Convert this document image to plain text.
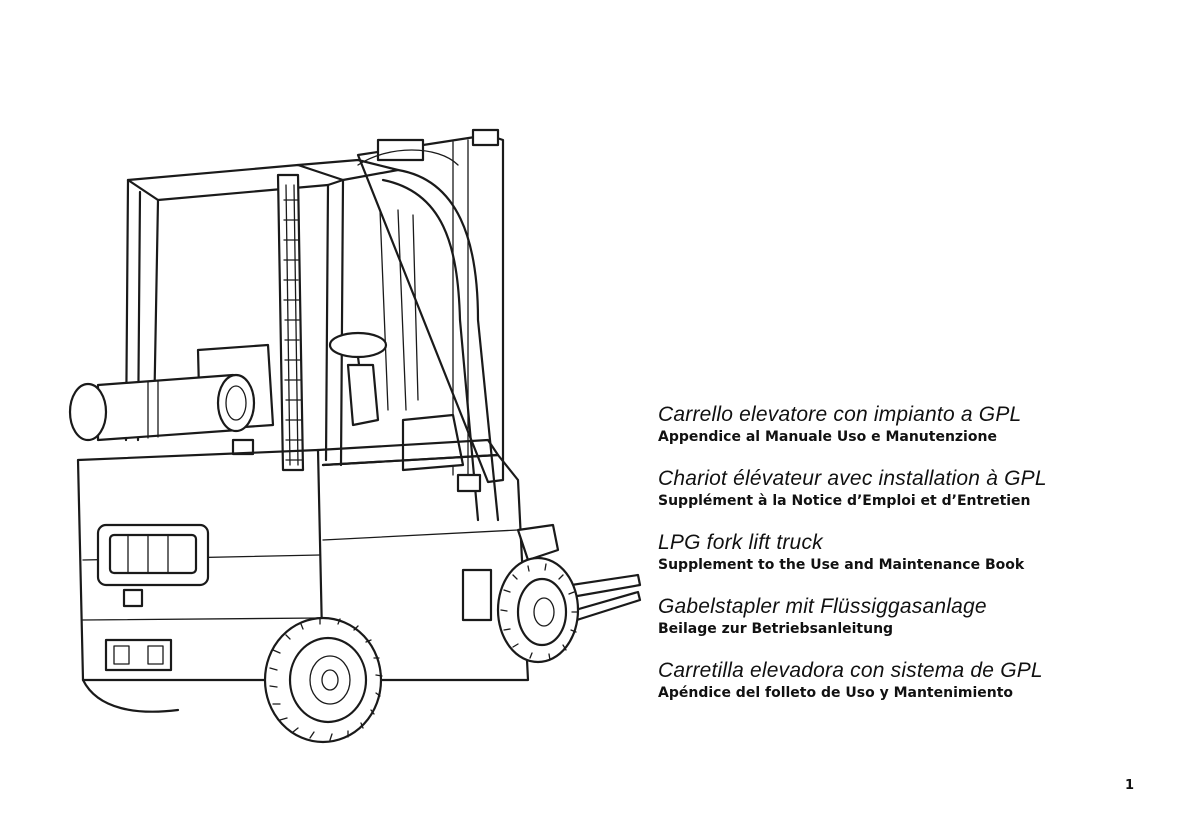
Carrello elevatore con impianto a GPL
Appendice al Manuale Uso e Manutenzione
Chariot élévateur avec installation à GPL
Supplément à la Notice d’Emploi et d’Entretien
LPG fork lift truck
Supplement to the Use and Maintenance Book
Gabelstapler mit Flüssiggasanlage
Beilage zur Betriebsanleitung
Carretilla elevadora con sistema de GPL
Apéndice del folleto de Uso y Mantenimiento
1
